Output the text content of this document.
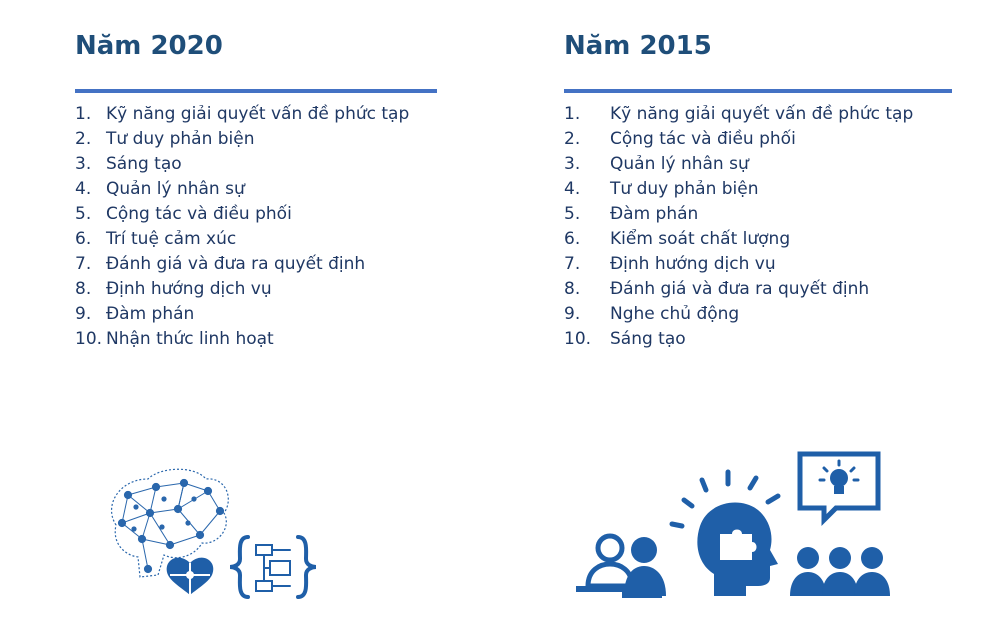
Năm 2020
1. Kỹ năng giải quyết vấn đề phức tạp
2. Tư duy phản biện
3. Sáng tạo
4. Quản lý nhân sự
5. Cộng tác và điều phối
6. Trí tuệ cảm xúc
7. Đánh giá và đưa ra quyết định
8. Định hướng dịch vụ
9. Đàm phán
10. Nhận thức linh hoạt
Năm 2015
1. Kỹ năng giải quyết vấn đề phức tạp
2. Cộng tác và điều phối
3. Quản lý nhân sự
4. Tư duy phản biện
5. Đàm phán
6. Kiểm soát chất lượng
7. Định hướng dịch vụ
8. Đánh giá và đưa ra quyết định
9. Nghe chủ động
10. Sáng tạo
